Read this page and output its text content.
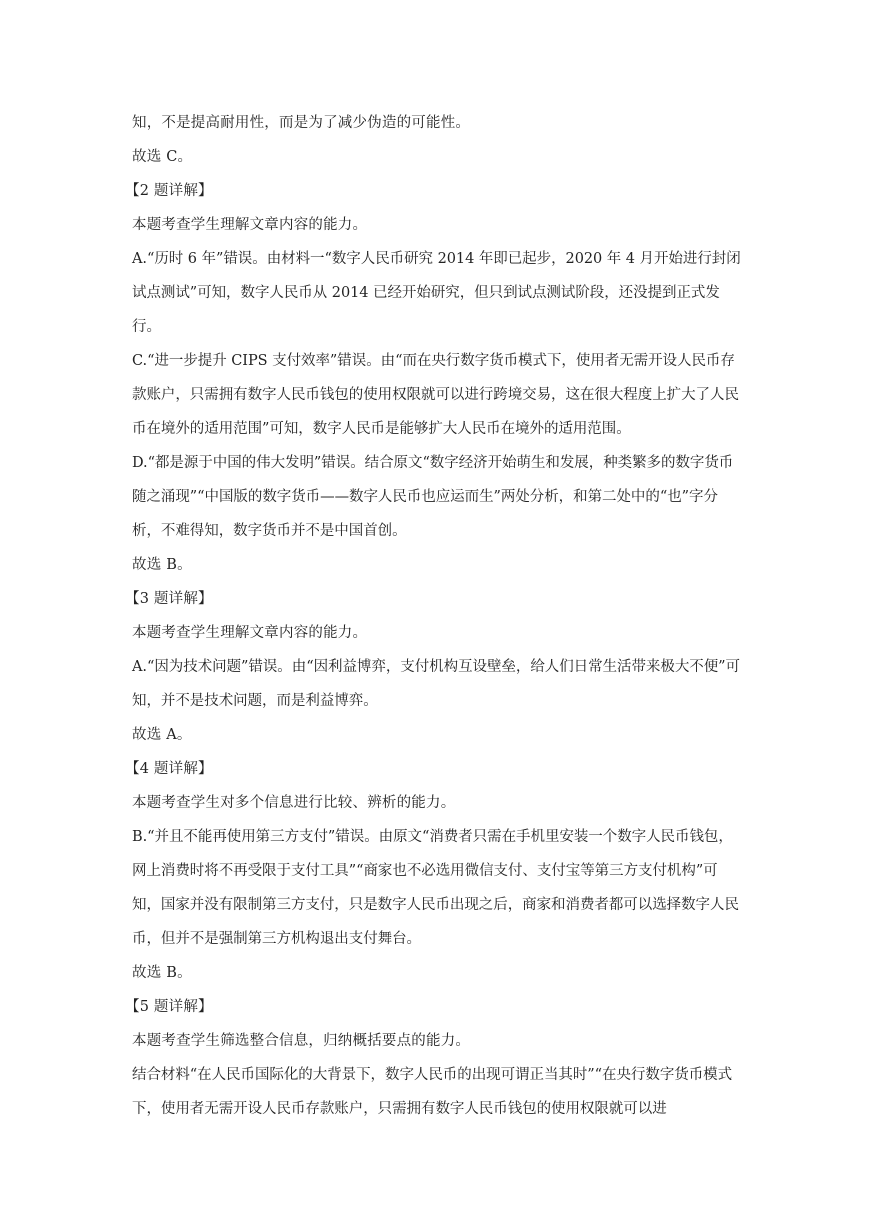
知，不是提高耐用性，而是为了减少伪造的可能性。

故选 C。

【2 题详解】

本题考查学生理解文章内容的能力。

A.“历时 6 年”错误。由材料一“数字人民币研究 2014 年即已起步，2020 年 4 月开始进行封闭试点测试”可知，数字人民币从 2014 已经开始研究，但只到试点测试阶段，还没提到正式发行。

C.“进一步提升 CIPS 支付效率”错误。由“而在央行数字货币模式下，使用者无需开设人民币存款账户，只需拥有数字人民币钱包的使用权限就可以进行跨境交易，这在很大程度上扩大了人民币在境外的适用范围”可知，数字人民币是能够扩大人民币在境外的适用范围。

D.“都是源于中国的伟大发明”错误。结合原文“数字经济开始萌生和发展，种类繁多的数字货币随之涌现”“中国版的数字货币——数字人民币也应运而生”两处分析，和第二处中的“也”字分析，不难得知，数字货币并不是中国首创。

故选 B。

【3 题详解】

本题考查学生理解文章内容的能力。

A.“因为技术问题”错误。由“因利益博弈，支付机构互设壁垒，给人们日常生活带来极大不便”可知，并不是技术问题，而是利益博弈。

故选 A。

【4 题详解】

本题考查学生对多个信息进行比较、辨析的能力。

B.“并且不能再使用第三方支付”错误。由原文“消费者只需在手机里安装一个数字人民币钱包，网上消费时将不再受限于支付工具”“商家也不必选用微信支付、支付宝等第三方支付机构”可知，国家并没有限制第三方支付，只是数字人民币出现之后，商家和消费者都可以选择数字人民币，但并不是强制第三方机构退出支付舞台。

故选 B。

【5 题详解】

本题考查学生筛选整合信息，归纳概括要点的能力。

结合材料“在人民币国际化的大背景下，数字人民币的出现可谓正当其时”“在央行数字货币模式下，使用者无需开设人民币存款账户，只需拥有数字人民币钱包的使用权限就可以进
